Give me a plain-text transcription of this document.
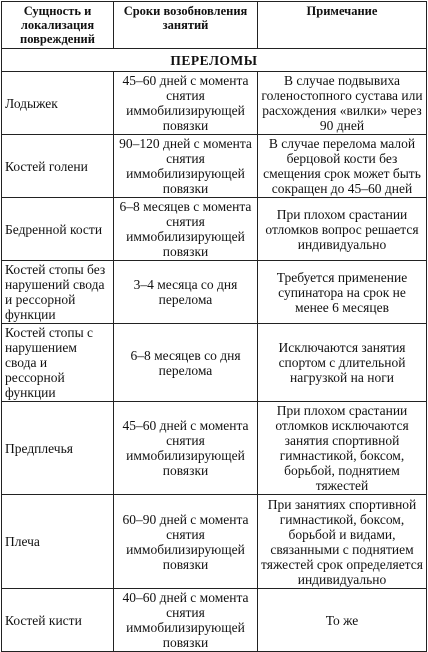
Сущность и локализация повреждений	Сроки возобновления занятий	Примечание
ПЕРЕЛОМЫ		
Лодыжек	45–60 дней с момента снятия иммобилизирующей повязки	В случае подвывиха голеностопного сустава или расхождения «вилки» через 90 дней
Костей голени	90–120 дней с момента снятия иммобилизирующей повязки	В случае перелома малой берцовой кости без смещения срок может быть сокращен до 45–60 дней
Бедренной кости	6–8 месяцев с момента снятия иммобилизирующей повязки	При плохом срастании отломков вопрос решается индивидуально
Костей стопы без нарушений свода и рессорной функции	3–4 месяца со дня перелома	Требуется применение супинатора на срок не менее 6 месяцев
Костей стопы с нарушением свода и рессорной функции	6–8 месяцев со дня перелома	Исключаются занятия спортом с длительной нагрузкой на ноги
Предплечья	45–60 дней с момента снятия иммобилизирующей повязки	При плохом срастании отломков исключаются занятия спортивной гимнастикой, боксом, борьбой, поднятием тяжестей
Плеча	60–90 дней с момента снятия иммобилизирующей повязки	При занятиях спортивной гимнастикой, боксом, борьбой и видами, связанными с поднятием тяжестей срок определяется индивидуально
Костей кисти	40–60 дней с момента снятия иммобилизирующей повязки	То же
